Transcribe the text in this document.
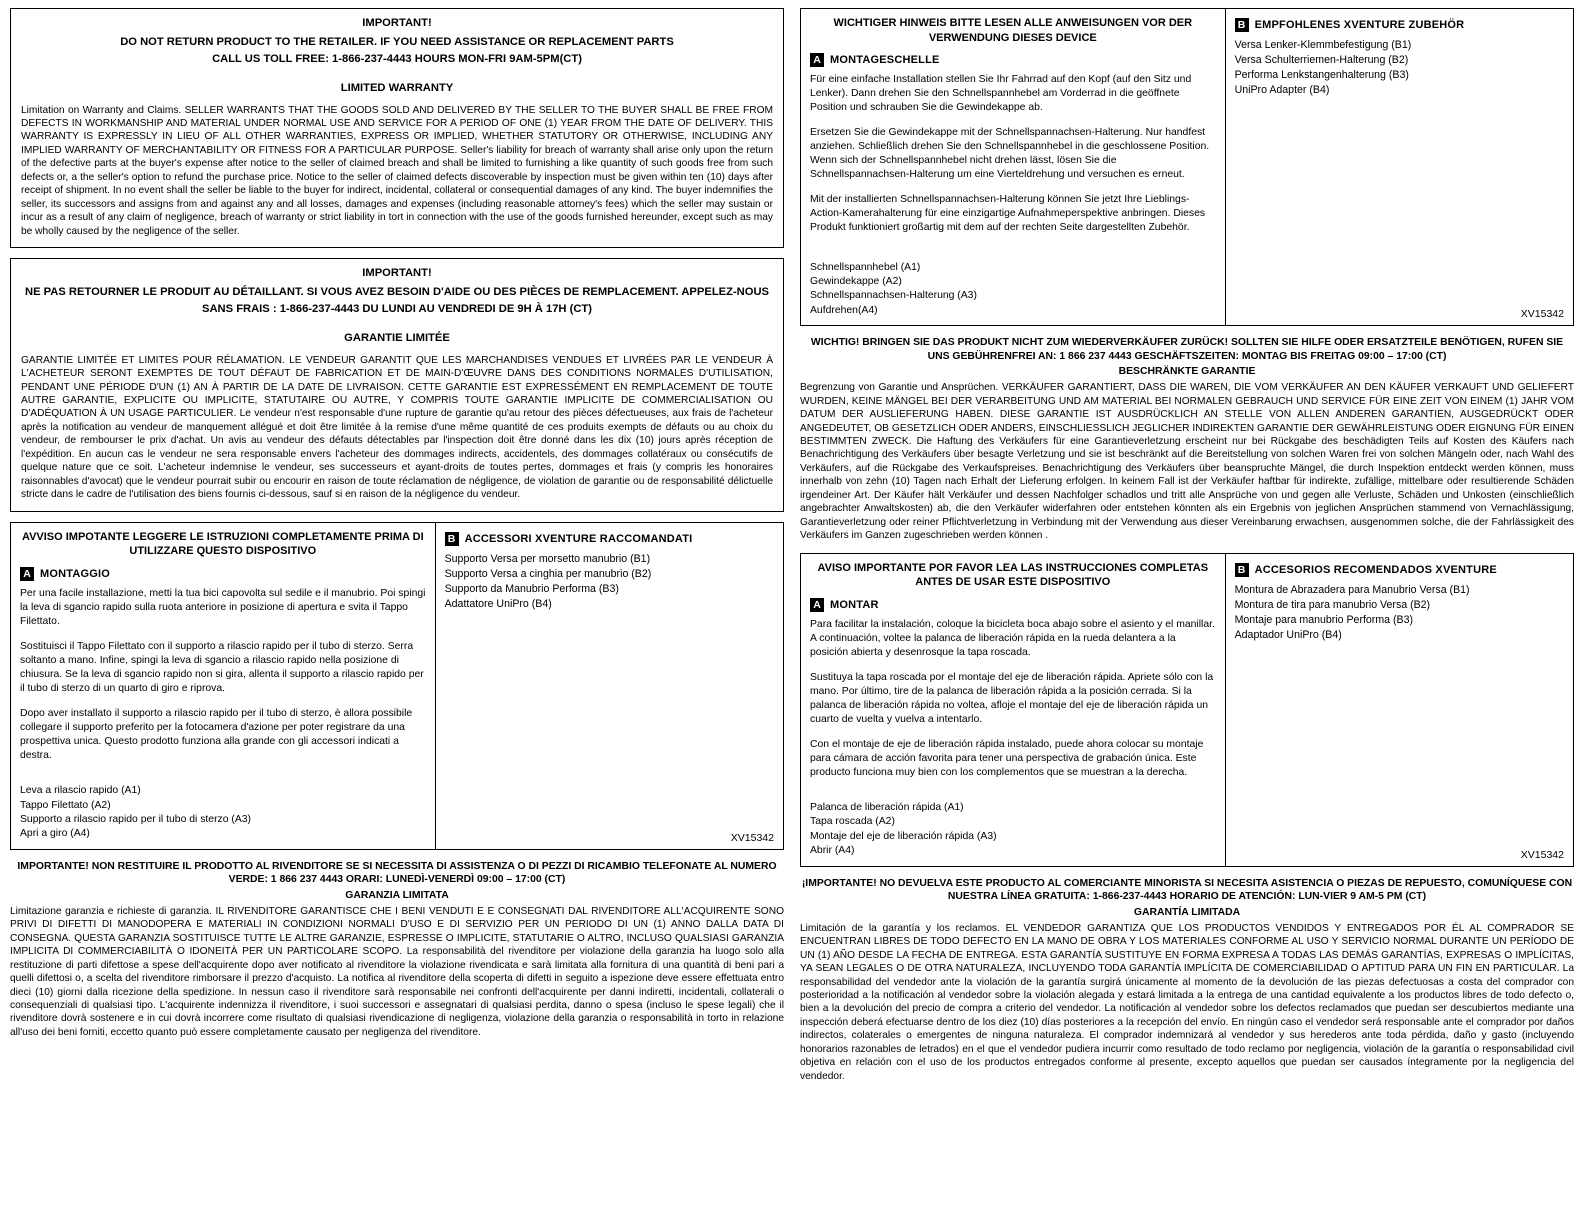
IMPORTANT!
DO NOT RETURN PRODUCT TO THE RETAILER. IF YOU NEED ASSISTANCE OR REPLACEMENT PARTS
CALL US TOLL FREE: 1-866-237-4443 HOURS MON-FRI 9AM-5PM(CT)
LIMITED WARRANTY
Limitation on Warranty and Claims. SELLER WARRANTS THAT THE GOODS SOLD AND DELIVERED BY THE SELLER TO THE BUYER SHALL BE FREE FROM DEFECTS IN WORKMANSHIP AND MATERIAL UNDER NORMAL USE AND SERVICE FOR A PERIOD OF ONE (1) YEAR FROM THE DATE OF DELIVERY. THIS WARRANTY IS EXPRESSLY IN LIEU OF ALL OTHER WARRANTIES, EXPRESS OR IMPLIED, WHETHER STATUTORY OR OTHERWISE, INCLUDING ANY IMPLIED WARRANTY OF MERCHANTABILITY OR FITNESS FOR A PARTICULAR PURPOSE. Seller's liability for breach of warranty shall arise only upon the return of the defective parts at the buyer's expense after notice to the seller of claimed breach and shall be limited to furnishing a like quantity of such goods free from such defects or, a the seller's option to refund the purchase price. Notice to the seller of claimed defects discoverable by inspection must be given within ten (10) days after receipt of shipment. In no event shall the seller be liable to the buyer for indirect, incidental, collateral or consequential damages of any kind. The buyer indemnifies the seller, its successors and assigns from and against any and all losses, damages and expenses (including reasonable attorney's fees) which the seller may sustain or incur as a result of any claim of negligence, breach of warranty or strict liability in tort in connection with the use of the goods furnished hereunder, except such as may be wholly caused by the negligence of the seller.
IMPORTANT!
NE PAS RETOURNER LE PRODUIT AU DÉTAILLANT. SI VOUS AVEZ BESOIN D'AIDE OU DES PIÈCES DE REMPLACEMENT. APPELEZ-NOUS
SANS FRAIS : 1-866-237-4443 DU LUNDI AU VENDREDI DE 9H À 17H (CT)
GARANTIE LIMITÉE
GARANTIE LIMITÉE ET LIMITES POUR RÉLAMATION. LE VENDEUR GARANTIT QUE LES MARCHANDISES VENDUES ET LIVRÉES PAR LE VENDEUR À L'ACHETEUR SERONT EXEMPTES DE TOUT DÉFAUT DE FABRICATION ET DE MAIN-D'ŒUVRE DANS DES CONDITIONS NORMALES D'UTILISATION, PENDANT UNE PÉRIODE D'UN (1) AN À PARTIR DE LA DATE DE LIVRAISON. CETTE GARANTIE EST EXPRESSÉMENT EN REMPLACEMENT DE TOUTE AUTRE GARANTIE, EXPLICITE OU IMPLICITE, STATUTAIRE OU AUTRE, Y COMPRIS TOUTE GARANTIE IMPLICITE DE COMMERCIALISATION OU D'ADÉQUATION À UN USAGE PARTICULIER. Le vendeur n'est responsable d'une rupture de garantie qu'au retour des pièces défectueuses, aux frais de l'acheteur après la notification au vendeur de manquement allégué et doit être limitée à la remise d'une même quantité de ces produits exempts de défauts ou au choix du vendeur, de rembourser le prix d'achat. Un avis au vendeur des défauts détectables par l'inspection doit être donné dans les dix (10) jours après réception de l'expédition. En aucun cas le vendeur ne sera responsable envers l'acheteur des dommages indirects, accidentels, des dommages collatéraux ou consécutifs de quelque nature que ce soit. L'acheteur indemnise le vendeur, ses successeurs et ayant-droits de toutes pertes, dommages et frais (y compris les honoraires raisonnables d'avocat) que le vendeur pourrait subir ou encourir en raison de toute réclamation de négligence, de violation de garantie ou de responsabilité délictuelle stricte dans le cadre de l'utilisation des biens fournis ci-dessous, sauf si en raison de la négligence du vendeur.
AVVISO IMPOTANTE LEGGERE LE ISTRUZIONI COMPLETAMENTE PRIMA DI UTILIZZARE QUESTO DISPOSITIVO
A MONTAGGIO
Per una facile installazione, metti la tua bici capovolta sul sedile e il manubrio. Poi spingi la leva di sgancio rapido sulla ruota anteriore in posizione di apertura e svita il Tappo Filettato.
Sostituisci il Tappo Filettato con il supporto a rilascio rapido per il tubo di sterzo. Serra soltanto a mano. Infine, spingi la leva di sgancio a rilascio rapido nella posizione di chiusura. Se la leva di sgancio rapido non si gira, allenta il supporto a rilascio rapido per il tubo di sterzo di un quarto di giro e riprova.
Dopo aver installato il supporto a rilascio rapido per il tubo di sterzo, è allora possibile collegare il supporto preferito per la fotocamera d'azione per poter registrare da una prospettiva unica. Questo prodotto funziona alla grande con gli accessori indicati a destra.
Leva a rilascio rapido (A1)
Tappo Filettato (A2)
Supporto a rilascio rapido per il tubo di sterzo (A3)
Apri a giro (A4)
B ACCESSORI XVENTURE RACCOMANDATI
Supporto Versa per morsetto manubrio (B1)
Supporto Versa a cinghia per manubrio (B2)
Supporto da Manubrio Performa (B3)
Adattatore UniPro (B4)
XV15342
IMPORTANTE! NON RESTITUIRE IL PRODOTTO AL RIVENDITORE SE SI NECESSITA DI ASSISTENZA O DI PEZZI DI RICAMBIO TELEFONATE AL NUMERO VERDE: 1 866 237 4443 ORARI: LUNEDÌ-VENERDÌ 09:00 – 17:00 (CT)
GARANZIA LIMITATA
Limitazione garanzia e richieste di garanzia. IL RIVENDITORE GARANTISCE CHE I BENI VENDUTI E E CONSEGNATI DAL RIVENDITORE ALL'ACQUIRENTE SONO PRIVI DI DIFETTI DI MANODOPERA E MATERIALI IN CONDIZIONI NORMALI D'USO E DI SERVIZIO PER UN PERIODO DI UN (1) ANNO DALLA DATA DI CONSEGNA. QUESTA GARANZIA SOSTITUISCE TUTTE LE ALTRE GARANZIE, ESPRESSE O IMPLICITE, STATUTARIE O ALTRO, INCLUSO QUALSIASI GARANZIA IMPLICITA DI COMMERCIABILITÀ O IDONEITÀ PER UN PARTICOLARE SCOPO. La responsabilità del rivenditore per violazione della garanzia ha luogo solo alla restituzione di parti difettose a spese dell'acquirente dopo aver notificato al rivenditore la violazione rivendicata e sarà limitata alla fornitura di una quantità di beni pari a quelli difettosi o, a scelta del rivenditore rimborsare il prezzo d'acquisto. La notifica al rivenditore della scoperta di difetti in seguito a ispezione deve essere effettuata entro dieci (10) giorni dalla ricezione della spedizione. In nessun caso il rivenditore sarà responsabile nei confronti dell'acquirente per danni indiretti, incidentali, collaterali o consequenziali di qualsiasi tipo. L'acquirente indennizza il rivenditore, i suoi successori e assegnatari di qualsiasi perdita, danno o spesa (incluso le spese legali) che il rivenditore dovrà sostenere e in cui dovrà incorrere come risultato di qualsiasi rivendicazione di negligenza, violazione della garanzia o responsabilità in torto in relazione all'uso dei beni forniti, eccetto quanto può essere completamente causato per negligenza del rivenditore.
WICHTIGER HINWEIS BITTE LESEN ALLE ANWEISUNGEN VOR DER VERWENDUNG DIESES DEVICE
A MONTAGESCHELLE
Für eine einfache Installation stellen Sie Ihr Fahrrad auf den Kopf (auf den Sitz und Lenker). Dann drehen Sie den Schnellspannhebel am Vorderrad in die geöffnete Position und schrauben Sie die Gewindekappe ab.
Ersetzen Sie die Gewindekappe mit der Schnellspannachsen-Halterung. Nur handfest anziehen. Schließlich drehen Sie den Schnellspannhebel in die geschlossene Position. Wenn sich der Schnellspannhebel nicht drehen lässt, lösen Sie die Schnellspannachsen-Halterung um eine Vierteldrehung und versuchen es erneut.
Mit der installierten Schnellspannachsen-Halterung können Sie jetzt Ihre Lieblings-Action-Kamerahalterung für eine einzigartige Aufnahmeperspektive anbringen. Dieses Produkt funktioniert großartig mit dem auf der rechten Seite dargestellten Zubehör.
Schnellspannhebel (A1)
Gewindekappe (A2)
Schnellspannachsen-Halterung (A3)
Aufdrehen(A4)
B EMPFOHLENES XVENTURE ZUBEHÖR
Versa Lenker-Klemmbefestigung (B1)
Versa Schulterriemen-Halterung (B2)
Performa Lenkstangenhalterung (B3)
UniPro Adapter (B4)
XV15342
WICHTIG! BRINGEN SIE DAS PRODUKT NICHT ZUM WIEDERVERKÄUFER ZURÜCK! SOLLTEN SIE HILFE ODER ERSATZTEILE BENÖTIGEN, RUFEN SIE UNS GEBÜHRENFREI AN: 1 866 237 4443 GESCHÄFTSZEITEN: MONTAG BIS FREITAG 09:00 – 17:00 (CT)
BESCHRÄNKTE GARANTIE
Begrenzung von Garantie und Ansprüchen. VERKÄUFER GARANTIERT, DASS DIE WAREN, DIE VOM VERKÄUFER AN DEN KÄUFER VERKAUFT UND GELIEFERT WURDEN, KEINE MÄNGEL BEI DER VERARBEITUNG UND AM MATERIAL BEI NORMALEN GEBRAUCH UND SERVICE FÜR EINE ZEIT VON EINEM (1) JAHR VOM DATUM DER AUSLIEFERUNG HABEN. DIESE GARANTIE IST AUSDRÜCKLICH AN STELLE VON ALLEN ANDEREN GARANTIEN, AUSGEDRÜCKT ODER ANGEDEUTET, OB GESETZLICH ODER ANDERS, EINSCHLIESSLICH JEGLICHER INDIREKTEN GARANTIE DER GEWÄHRLEISTUNG ODER EIGNUNG FÜR EINEN BESTIMMTEN ZWECK. Die Haftung des Verkäufers für eine Garantieverletzung erscheint nur bei Rückgabe des beschädigten Teils auf Kosten des Käufers nach Benachrichtigung des Verkäufers über besagte Verletzung und sie ist beschränkt auf die Bereitstellung von solchen Waren frei von solchen Mängeln oder, nach Wahl des Verkäufers, auf die Rückgabe des Verkaufspreises. Benachrichtigung des Verkäufers über beanspruchte Mängel, die durch Inspektion entdeckt werden können, muss innerhalb von zehn (10) Tagen nach Erhalt der Lieferung erfolgen. In keinem Fall ist der Verkäufer haftbar für indirekte, zufällige, mittelbare oder resultierende Schäden irgendeiner Art. Der Käufer hält Verkäufer und dessen Nachfolger schadlos und tritt alle Ansprüche von und gegen alle Verluste, Schäden und Unkosten (einschließlich angebrachter Anwaltskosten) ab, die den Verkäufer widerfahren oder entstehen könnten als ein Ergebnis von jeglichen Ansprüchen stammend von Vernachlässigung, Garantieverletzung oder reiner Pflichtverletzung in Verbindung mit der Verwendung aus dieser Vereinbarung erwachsen, ausgenommen solche, die der Fahrlässigkeit des Verkäufers im Ganzen zugeschrieben werden können .
AVISO IMPORTANTE POR FAVOR LEA LAS INSTRUCCIONES COMPLETAS ANTES DE USAR ESTE DISPOSITIVO
A MONTAR
Para facilitar la instalación, coloque la bicicleta boca abajo sobre el asiento y el manillar. A continuación, voltee la palanca de liberación rápida en la rueda delantera a la posición abierta y desenrosque la tapa roscada.
Sustituya la tapa roscada por el montaje del eje de liberación rápida. Apriete sólo con la mano. Por último, tire de la palanca de liberación rápida a la posición cerrada. Si la palanca de liberación rápida no voltea, afloje el montaje del eje de liberación rápida un cuarto de vuelta y vuelva a intentarlo.
Con el montaje de eje de liberación rápida instalado, puede ahora colocar su montaje para cámara de acción favorita para tener una perspectiva de grabación única. Este producto funciona muy bien con los complementos que se muestran a la derecha.
Palanca de liberación rápida (A1)
Tapa roscada (A2)
Montaje del eje de liberación rápida (A3)
Abrir (A4)
B ACCESORIOS RECOMENDADOS XVENTURE
Montura de Abrazadera para Manubrio Versa (B1)
Montura de tira para manubrio Versa (B2)
Montaje para manubrio Performa (B3)
Adaptador UniPro (B4)
XV15342
¡IMPORTANTE! NO DEVUELVA ESTE PRODUCTO AL COMERCIANTE MINORISTA SI NECESITA ASISTENCIA O PIEZAS DE REPUESTO, COMUNÍQUESE CON NUESTRA LÍNEA GRATUITA: 1-866-237-4443 HORARIO DE ATENCIÓN: LUN-VIER 9 AM-5 PM (CT)
GARANTÍA LIMITADA
Limitación de la garantía y los reclamos. EL VENDEDOR GARANTIZA QUE LOS PRODUCTOS VENDIDOS Y ENTREGADOS POR ÉL AL COMPRADOR SE ENCUENTRAN LIBRES DE TODO DEFECTO EN LA MANO DE OBRA Y LOS MATERIALES CONFORME AL USO Y SERVICIO NORMAL DURANTE UN PERÍODO DE UN (1) AÑO DESDE LA FECHA DE ENTREGA. ESTA GARANTÍA SUSTITUYE EN FORMA EXPRESA A TODAS LAS DEMÁS GARANTÍAS, EXPRESAS O IMPLÍCITAS, YA SEAN LEGALES O DE OTRA NATURALEZA, INCLUYENDO TODA GARANTÍA IMPLÍCITA DE COMERCIABILIDAD O APTITUD PARA UN FIN EN PARTICULAR. La responsabilidad del vendedor ante la violación de la garantía surgirá únicamente al momento de la devolución de las piezas defectuosas a costa del comprador con posterioridad a la notificación al vendedor sobre la violación alegada y estará limitada a la entrega de una cantidad equivalente a los productos libres de todo defecto o, bien a la devolución del precio de compra a criterio del vendedor. La notificación al vendedor sobre los defectos reclamados que puedan ser descubiertos mediante una inspección deberá efectuarse dentro de los diez (10) días posteriores a la recepción del envío. En ningún caso el vendedor será responsable ante el comprador por daños indirectos, colaterales o emergentes de ninguna naturaleza. El comprador indemnizará al vendedor y sus herederos ante toda pérdida, daño y gasto (incluyendo honorarios razonables de letrados) en el que el vendedor pudiera incurrir como resultado de todo reclamo por negligencia, violación de la garantía o responsabilidad civil objetiva en relación con el uso de los productos entregados conforme al presente, excepto aquellos que puedan ser causados íntegramente por la negligencia del vendedor.
